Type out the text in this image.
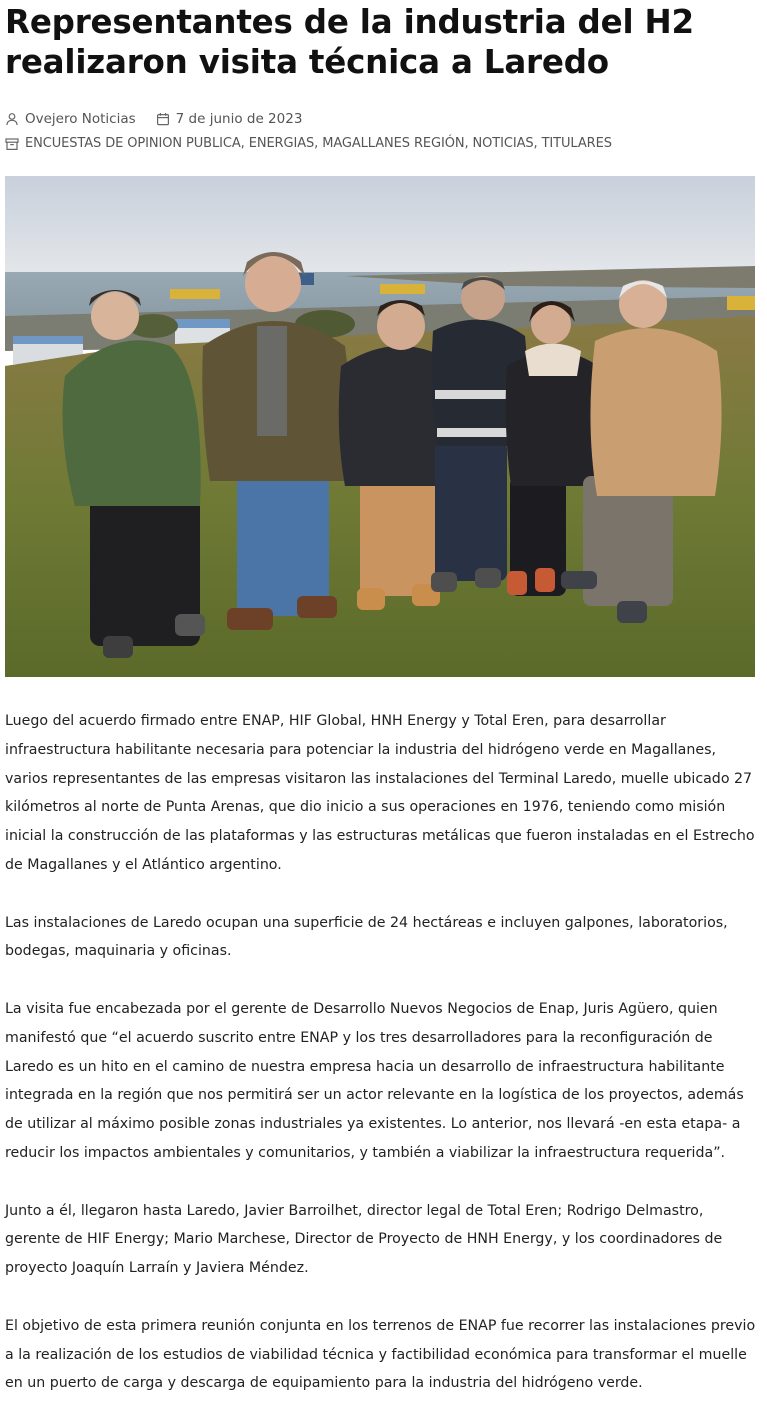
Representantes de la industria del H2
realizaron visita técnica a Laredo
Ovejero Noticias	7 de junio de 2023
ENCUESTAS DE OPINION PUBLICA, ENERGIAS, MAGALLANES REGIÓN, NOTICIAS, TITULARES

Luego del acuerdo firmado entre ENAP, HIF Global, HNH Energy y Total Eren, para desarrollar infraestructura habilitante necesaria para potenciar la industria del hidrógeno verde en Magallanes, varios representantes de las empresas visitaron las instalaciones del Terminal Laredo, muelle ubicado 27 kilómetros al norte de Punta Arenas, que dio inicio a sus operaciones en 1976, teniendo como misión inicial la construcción de las plataformas y las estructuras metálicas que fueron instaladas en el Estrecho de Magallanes y el Atlántico argentino.

Las instalaciones de Laredo ocupan una superficie de 24 hectáreas e incluyen galpones, laboratorios, bodegas, maquinaria y oficinas.

La visita fue encabezada por el gerente de Desarrollo Nuevos Negocios de Enap, Juris Agüero, quien manifestó que “el acuerdo suscrito entre ENAP y los tres desarrolladores para la reconfiguración de Laredo es un hito en el camino de nuestra empresa hacia un desarrollo de infraestructura habilitante integrada en la región que nos permitirá ser un actor relevante en la logística de los proyectos, además de utilizar al máximo posible zonas industriales ya existentes. Lo anterior, nos llevará -en esta etapa- a reducir los impactos ambientales y comunitarios, y también a viabilizar la infraestructura requerida”.

Junto a él, llegaron hasta Laredo, Javier Barroilhet, director legal de Total Eren; Rodrigo Delmastro, gerente de HIF Energy; Mario Marchese, Director de Proyecto de HNH Energy, y los coordinadores de proyecto Joaquín Larraín y Javiera Méndez.

El objetivo de esta primera reunión conjunta en los terrenos de ENAP fue recorrer las instalaciones previo a la realización de los estudios de viabilidad técnica y factibilidad económica para transformar el muelle en un puerto de carga y descarga de equipamiento para la industria del hidrógeno verde.
